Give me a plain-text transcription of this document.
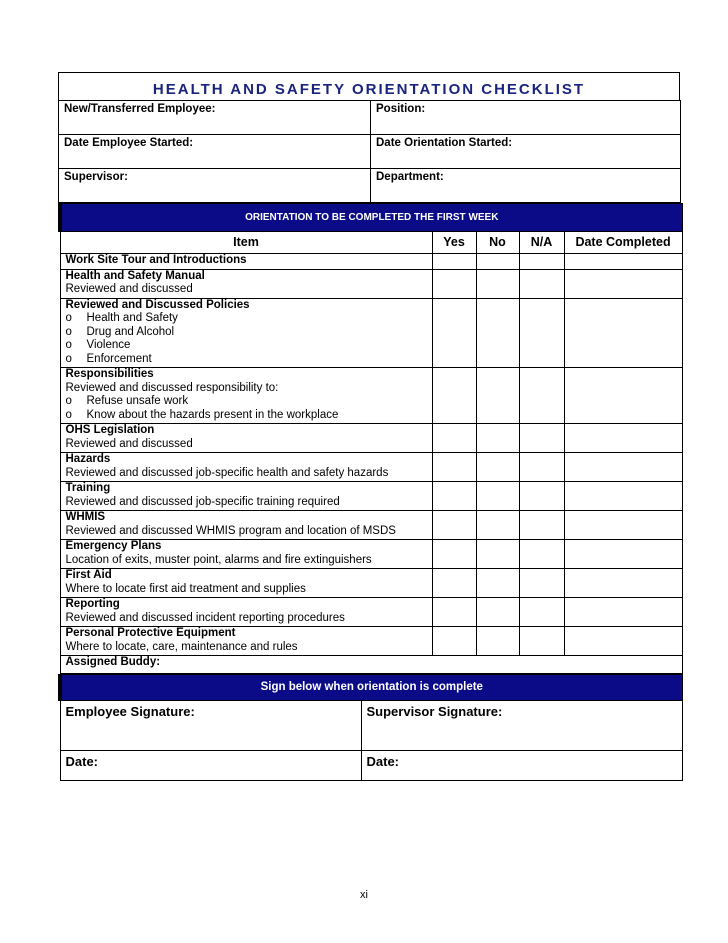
HEALTH AND SAFETY ORIENTATION CHECKLIST
New/Transferred Employee:	Position:
Date Employee Started:	Date Orientation Started:
Supervisor:	Department:
ORIENTATION TO BE COMPLETED THE FIRST WEEK				
Item	Yes	No	N/A	Date Completed

Work Site Tour and Introductions				

Health and Safety Manual
Reviewed and discussed				

Reviewed and Discussed Policies
o Health and Safety
o Drug and Alcohol
o Violence
o Enforcement				

Responsibilities
Reviewed and discussed responsibility to:
o Refuse unsafe work
o Know about the hazards present in the workplace				

OHS Legislation
Reviewed and discussed				

Hazards
Reviewed and discussed job-specific health and safety hazards				

Training
Reviewed and discussed job-specific training required				

WHMIS
Reviewed and discussed WHMIS program and location of MSDS				

Emergency Plans
Location of exits, muster point, alarms and fire extinguishers				

First Aid
Where to locate first aid treatment and supplies				

Reporting
Reviewed and discussed incident reporting procedures				

Personal Protective Equipment
Where to locate, care, maintenance and rules				

Assigned Buddy:				
Sign below when orientation is complete	
Employee Signature:	Supervisor Signature:
Date:	Date:
xi
